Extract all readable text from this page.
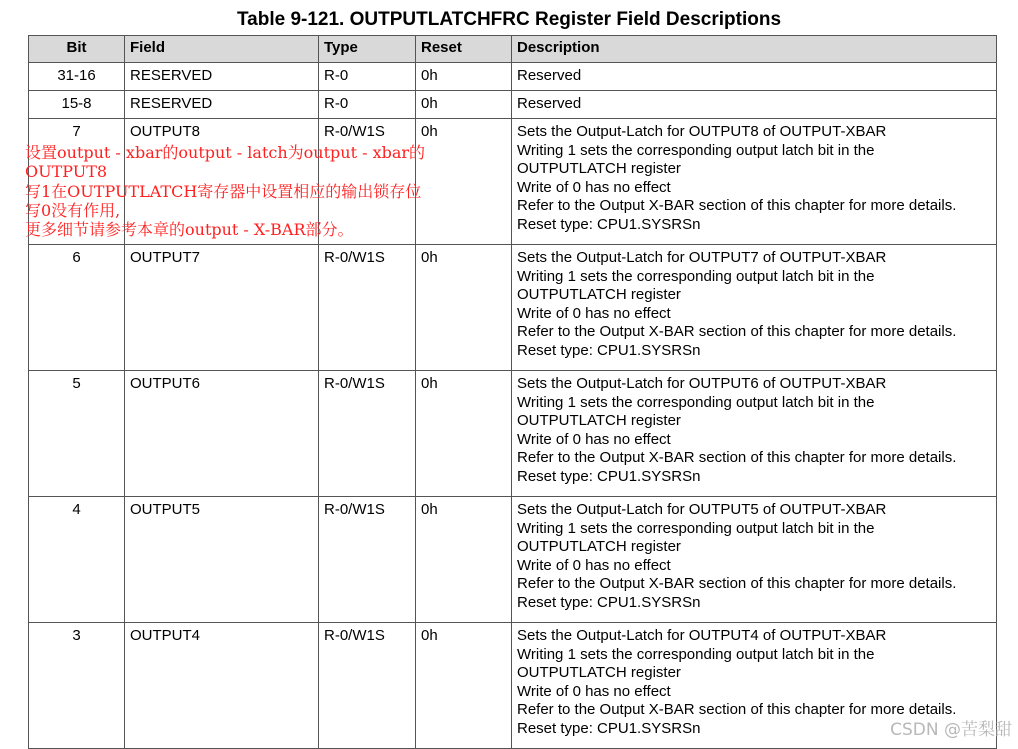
Table 9-121. OUTPUTLATCHFRC Register Field Descriptions
Bit	Field	Type	Reset	Description
31-16	RESERVED	R-0	0h	Reserved

15-8	RESERVED	R-0	0h	Reserved

7	OUTPUT8	R-0/W1S	0h	Sets the Output-Latch for OUTPUT8 of OUTPUT-XBAR
Writing 1 sets the corresponding output latch bit in the
OUTPUTLATCH register
Write of 0 has no effect
Refer to the Output X-BAR section of this chapter for more details.
Reset type: CPU1.SYSRSn

6	OUTPUT7	R-0/W1S	0h	Sets the Output-Latch for OUTPUT7 of OUTPUT-XBAR
Writing 1 sets the corresponding output latch bit in the
OUTPUTLATCH register
Write of 0 has no effect
Refer to the Output X-BAR section of this chapter for more details.
Reset type: CPU1.SYSRSn

5	OUTPUT6	R-0/W1S	0h	Sets the Output-Latch for OUTPUT6 of OUTPUT-XBAR
Writing 1 sets the corresponding output latch bit in the
OUTPUTLATCH register
Write of 0 has no effect
Refer to the Output X-BAR section of this chapter for more details.
Reset type: CPU1.SYSRSn

4	OUTPUT5	R-0/W1S	0h	Sets the Output-Latch for OUTPUT5 of OUTPUT-XBAR
Writing 1 sets the corresponding output latch bit in the
OUTPUTLATCH register
Write of 0 has no effect
Refer to the Output X-BAR section of this chapter for more details.
Reset type: CPU1.SYSRSn

3	OUTPUT4	R-0/W1S	0h	Sets the Output-Latch for OUTPUT4 of OUTPUT-XBAR
Writing 1 sets the corresponding output latch bit in the
OUTPUTLATCH register
Write of 0 has no effect
Refer to the Output X-BAR section of this chapter for more details.
Reset type: CPU1.SYSRSn
设置output - xbar的output - latch为output - xbar的
OUTPUT8
写1在OUTPUTLATCH寄存器中设置相应的输出锁存位
写0没有作用,
更多细节请参考本章的output - X-BAR部分。
CSDN @苦梨甜
